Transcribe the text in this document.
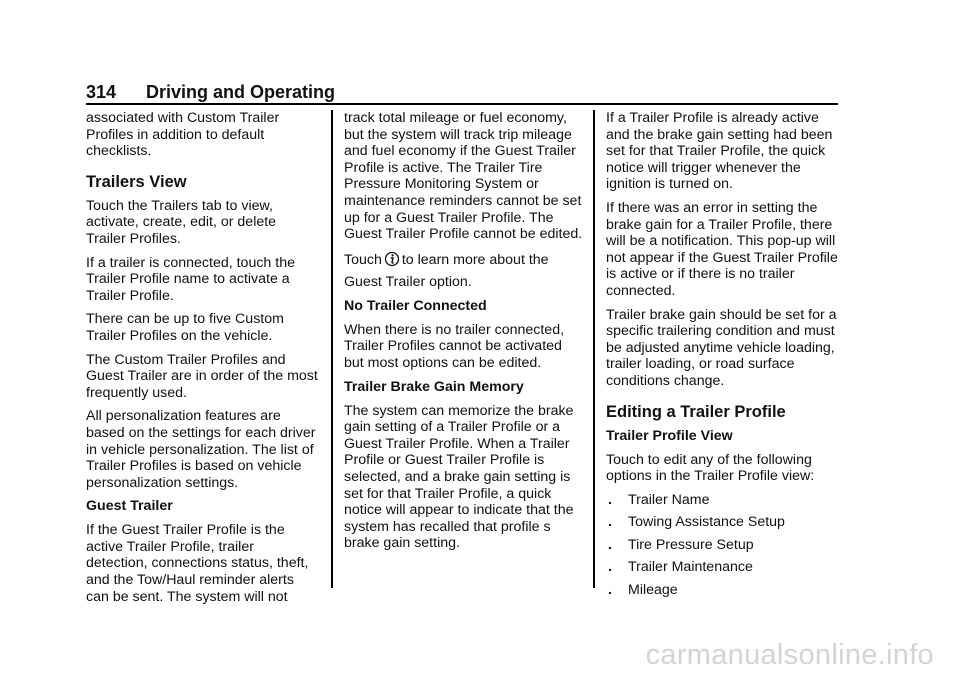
314 Driving and Operating

associated with Custom Trailer Profiles in addition to default checklists.

Trailers View

Touch the Trailers tab to view, activate, create, edit, or delete Trailer Profiles.

If a trailer is connected, touch the Trailer Profile name to activate a Trailer Profile.

There can be up to five Custom Trailer Profiles on the vehicle.

The Custom Trailer Profiles and Guest Trailer are in order of the most frequently used.

All personalization features are based on the settings for each driver in vehicle personalization. The list of Trailer Profiles is based on vehicle personalization settings.

Guest Trailer

If the Guest Trailer Profile is the active Trailer Profile, trailer detection, connections status, theft, and the Tow/Haul reminder alerts can be sent. The system will not

track total mileage or fuel economy, but the system will track trip mileage and fuel economy if the Guest Trailer Profile is active. The Trailer Tire Pressure Monitoring System or maintenance reminders cannot be set up for a Guest Trailer Profile. The Guest Trailer Profile cannot be edited.

Touch to learn more about the Guest Trailer option.

No Trailer Connected

When there is no trailer connected, Trailer Profiles cannot be activated but most options can be edited.

Trailer Brake Gain Memory

The system can memorize the brake gain setting of a Trailer Profile or a Guest Trailer Profile. When a Trailer Profile or Guest Trailer Profile is selected, and a brake gain setting is set for that Trailer Profile, a quick notice will appear to indicate that the system has recalled that profile s brake gain setting.

If a Trailer Profile is already active and the brake gain setting had been set for that Trailer Profile, the quick notice will trigger whenever the ignition is turned on.

If there was an error in setting the brake gain for a Trailer Profile, there will be a notification. This pop-up will not appear if the Guest Trailer Profile is active or if there is no trailer connected.

Trailer brake gain should be set for a specific trailering condition and must be adjusted anytime vehicle loading, trailer loading, or road surface conditions change.

Editing a Trailer Profile
Trailer Profile View

Touch to edit any of the following options in the Trailer Profile view:

. Trailer Name
. Towing Assistance Setup
. Tire Pressure Setup
. Trailer Maintenance
. Mileage
carmanualsonline.info
